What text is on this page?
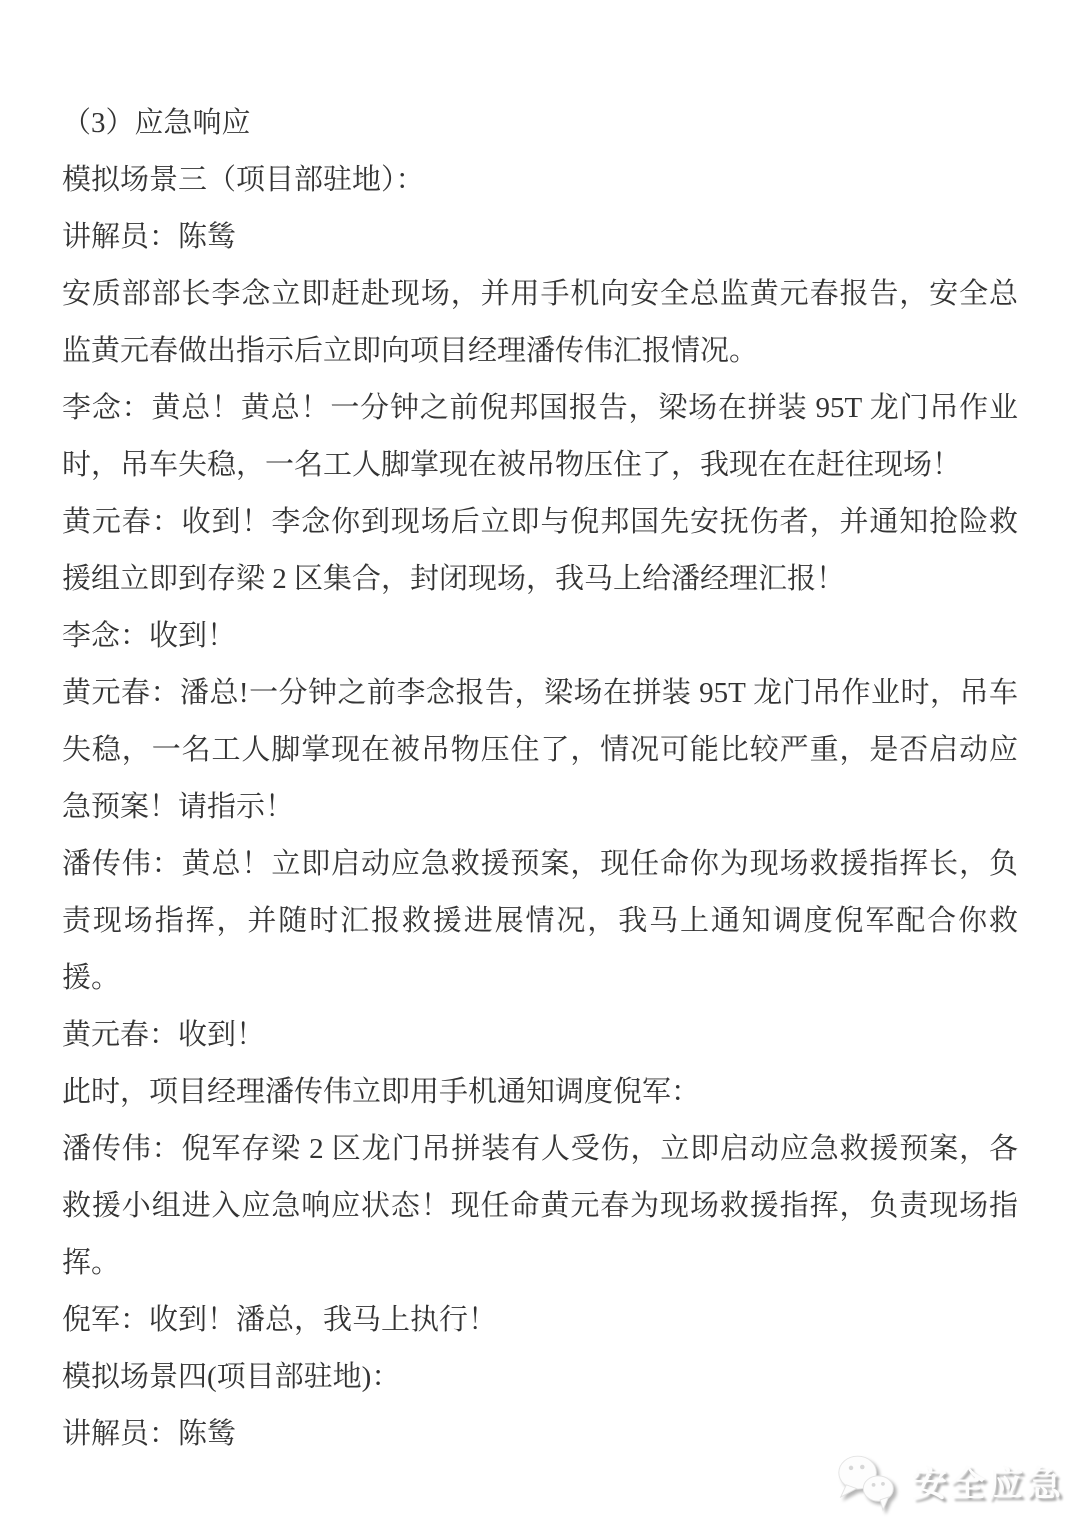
（3）应急响应

模拟场景三（项目部驻地）：

讲解员：陈鸶

安质部部长李念立即赶赴现场，并用手机向安全总监黄元春报告，安全总监黄元春做出指示后立即向项目经理潘传伟汇报情况。

李念：黄总！黄总！一分钟之前倪邦国报告，梁场在拼装 95T 龙门吊作业时，吊车失稳，一名工人脚掌现在被吊物压住了，我现在在赶往现场！

黄元春：收到！李念你到现场后立即与倪邦国先安抚伤者，并通知抢险救援组立即到存梁 2 区集合，封闭现场，我马上给潘经理汇报！

李念：收到！

黄元春：潘总!一分钟之前李念报告，梁场在拼装 95T 龙门吊作业时，吊车失稳，一名工人脚掌现在被吊物压住了，情况可能比较严重，是否启动应急预案！请指示！

潘传伟：黄总！立即启动应急救援预案，现任命你为现场救援指挥长，负责现场指挥，并随时汇报救援进展情况，我马上通知调度倪军配合你救援。

黄元春：收到！

此时，项目经理潘传伟立即用手机通知调度倪军：

潘传伟：倪军存梁 2 区龙门吊拼装有人受伤，立即启动应急救援预案，各救援小组进入应急响应状态！现任命黄元春为现场救援指挥，负责现场指挥。

倪军：收到！潘总，我马上执行！

模拟场景四(项目部驻地)：

讲解员：陈鸶

安全应急
